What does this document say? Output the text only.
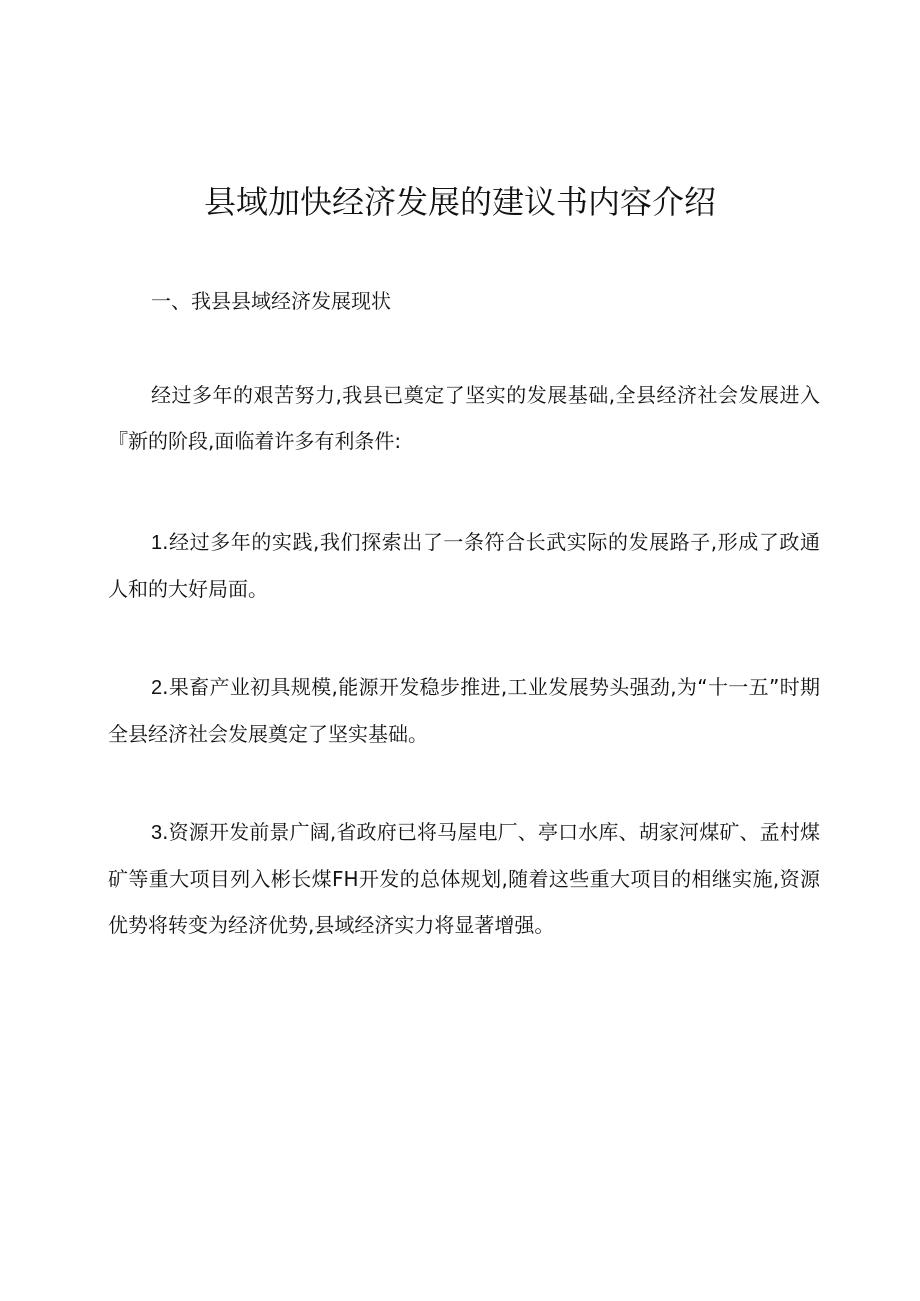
县域加快经济发展的建议书内容介绍

一、我县县域经济发展现状

经过多年的艰苦努力,我县已奠定了坚实的发展基础,全县经济社会发展进入『新的阶段,面临着许多有利条件:

1.经过多年的实践,我们探索出了一条符合长武实际的发展路子,形成了政通人和的大好局面。

2.果畜产业初具规模,能源开发稳步推进,工业发展势头强劲,为“十一五”时期全县经济社会发展奠定了坚实基础。

3.资源开发前景广阔,省政府已将马屋电厂、亭口水库、胡家河煤矿、孟村煤矿等重大项目列入彬长煤FH开发的总体规划,随着这些重大项目的相继实施,资源优势将转变为经济优势,县域经济实力将显著增强。
